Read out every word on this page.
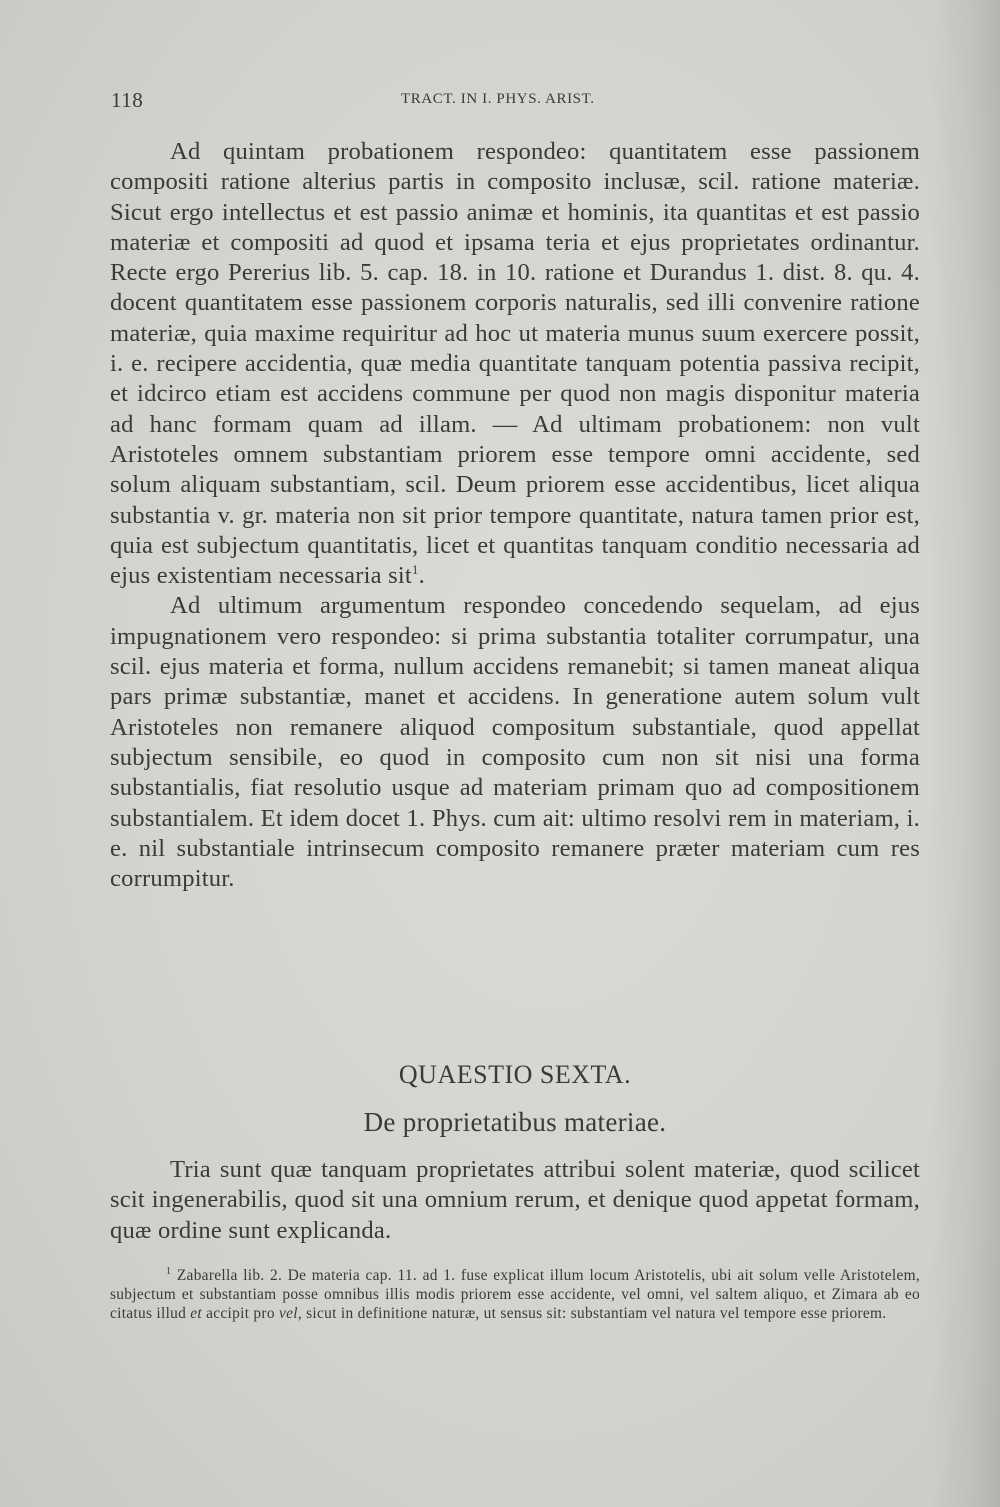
118	TRACT. IN I. PHYS. ARIST.

Ad quintam probationem respondeo: quantitatem esse passionem compositi ratione alterius partis in composito inclusæ, scil. ratione materiæ. Sicut ergo intellectus et est passio animæ et hominis, ita quantitas et est passio materiæ et compositi ad quod et ipsama teria et ejus proprietates ordinantur. Recte ergo Pererius lib. 5. cap. 18. in 10. ratione et Durandus 1. dist. 8. qu. 4. docent quantitatem esse passionem corporis naturalis, sed illi convenire ratione materiæ, quia maxime requiritur ad hoc ut materia munus suum exercere possit, i. e. recipere accidentia, quæ media quantitate tanquam potentia passiva recipit, et idcirco etiam est accidens commune per quod non magis disponitur materia ad hanc formam quam ad illam. — Ad ultimam probationem: non vult Aristoteles omnem substantiam priorem esse tempore omni accidente, sed solum aliquam substantiam, scil. Deum priorem esse accidentibus, licet aliqua substantia v. gr. materia non sit prior tempore quantitate, natura tamen prior est, quia est subjectum quantitatis, licet et quantitas tanquam conditio necessaria ad ejus existentiam necessaria sit$^1$.

Ad ultimum argumentum respondeo concedendo sequelam, ad ejus impugnationem vero respondeo: si prima substantia totaliter corrumpatur, una scil. ejus materia et forma, nullum accidens remanebit; si tamen maneat aliqua pars primæ substantiæ, manet et accidens. In generatione autem solum vult Aristoteles non remanere aliquod compositum substantiale, quod appellat subjectum sensibile, eo quod in composito cum non sit nisi una forma substantialis, fiat resolutio usque ad materiam primam quo ad compositionem substantialem. Et idem docet 1. Phys. cum ait: ultimo resolvi rem in materiam, i. e. nil substantiale intrinsecum composito remanere præter materiam cum res corrumpitur.

QUAESTIO SEXTA.
De proprietatibus materiae.

Tria sunt quæ tanquam proprietates attribui solent materiæ, quod scilicet scit ingenerabilis, quod sit una omnium rerum, et denique quod appetat formam, quæ ordine sunt explicanda.

$^1$ Zabarella lib. 2. De materia cap. 11. ad 1. fuse explicat illum locum Aristotelis, ubi ait solum velle Aristotelem, subjectum et substantiam posse omnibus illis modis priorem esse accidente, vel omni, vel saltem aliquo, et Zimara ab eo citatus illud et accipit pro vel, sicut in definitione naturæ, ut sensus sit: substantiam vel natura vel tempore esse priorem.
